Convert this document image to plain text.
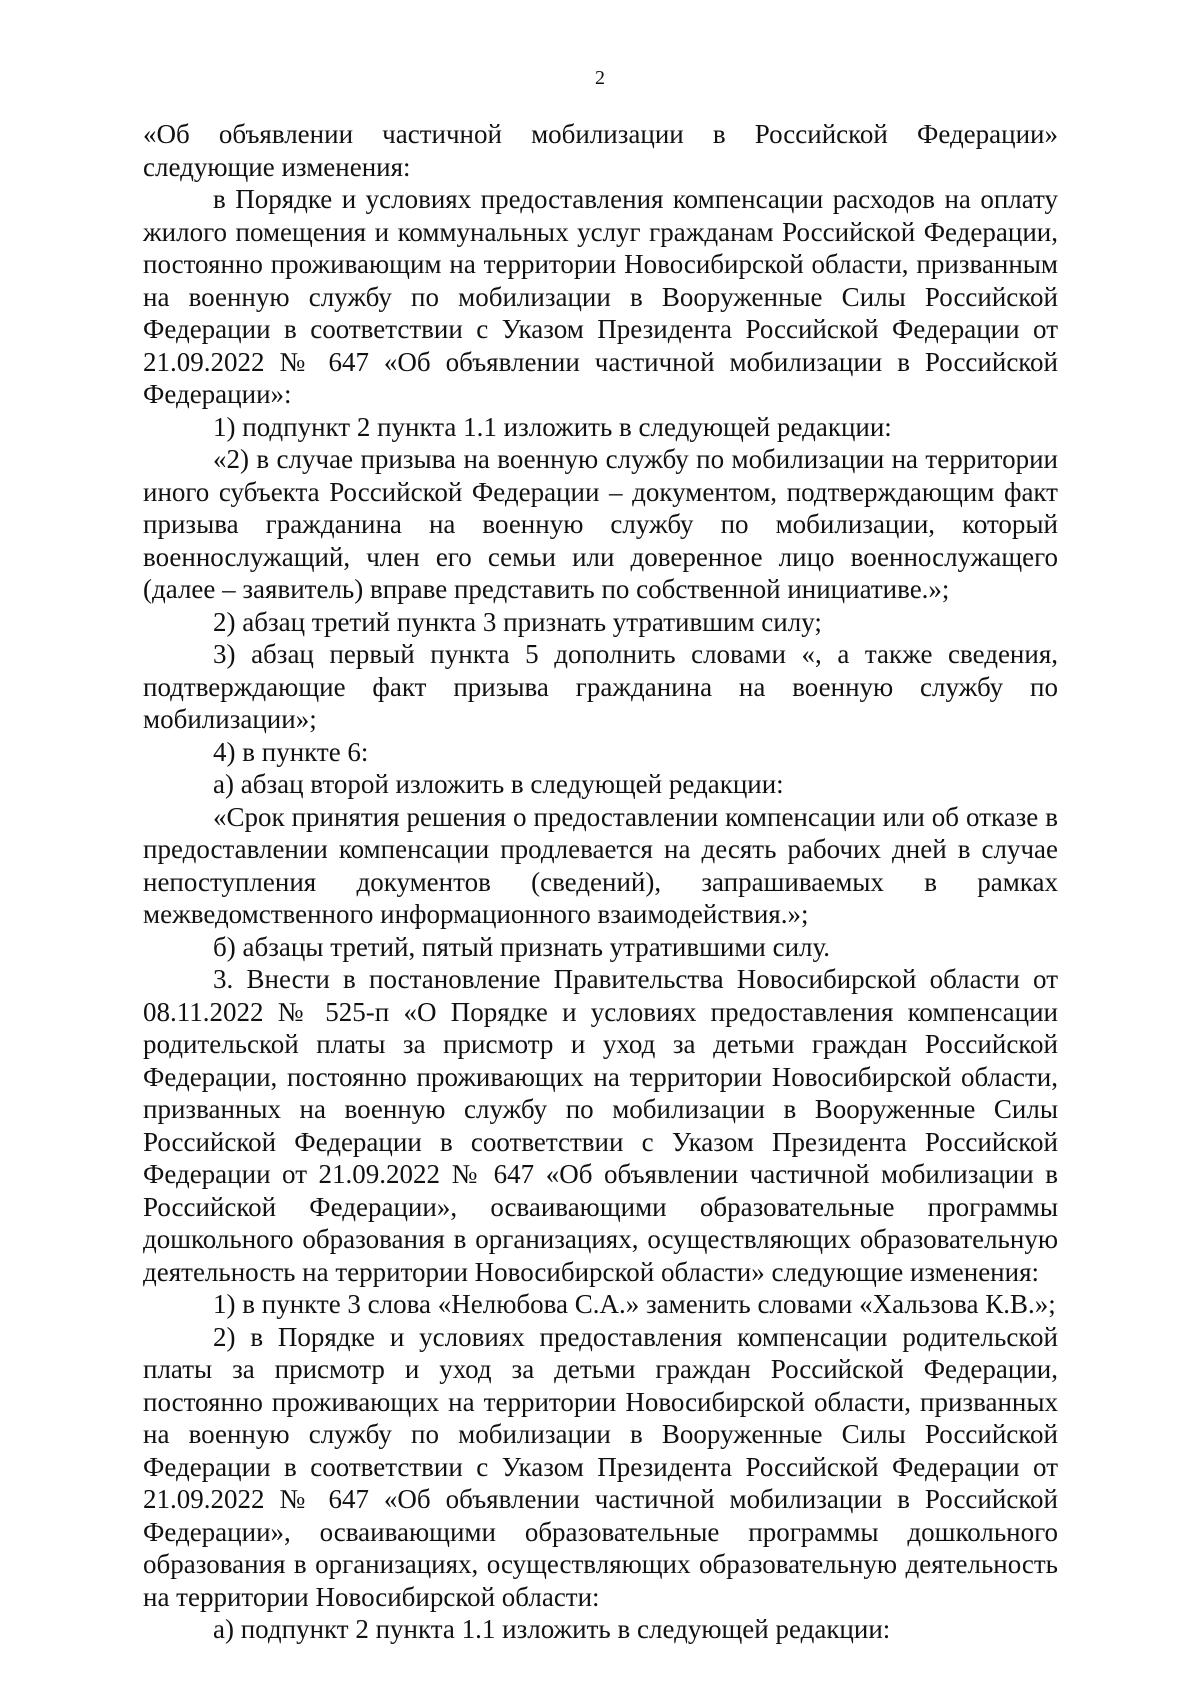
2

«Об объявлении частичной мобилизации в Российской Федерации» следующие изменения:

в Порядке и условиях предоставления компенсации расходов на оплату жилого помещения и коммунальных услуг гражданам Российской Федерации, постоянно проживающим на территории Новосибирской области, призванным на военную службу по мобилизации в Вооруженные Силы Российской Федерации в соответствии с Указом Президента Российской Федерации от 21.09.2022 № 647 «Об объявлении частичной мобилизации в Российской Федерации»:

1) подпункт 2 пункта 1.1 изложить в следующей редакции:

«2) в случае призыва на военную службу по мобилизации на территории иного субъекта Российской Федерации – документом, подтверждающим факт призыва гражданина на военную службу по мобилизации, который военнослужащий, член его семьи или доверенное лицо военнослужащего (далее – заявитель) вправе представить по собственной инициативе.»;

2) абзац третий пункта 3 признать утратившим силу;

3) абзац первый пункта 5 дополнить словами «, а также сведения, подтверждающие факт призыва гражданина на военную службу по мобилизации»;

4) в пункте 6:

а) абзац второй изложить в следующей редакции:

«Срок принятия решения о предоставлении компенсации или об отказе в предоставлении компенсации продлевается на десять рабочих дней в случае непоступления документов (сведений), запрашиваемых в рамках межведомственного информационного взаимодействия.»;

б) абзацы третий, пятый признать утратившими силу.

3. Внести в постановление Правительства Новосибирской области от 08.11.2022 № 525-п «О Порядке и условиях предоставления компенсации родительской платы за присмотр и уход за детьми граждан Российской Федерации, постоянно проживающих на территории Новосибирской области, призванных на военную службу по мобилизации в Вооруженные Силы Российской Федерации в соответствии с Указом Президента Российской Федерации от 21.09.2022 № 647 «Об объявлении частичной мобилизации в Российской Федерации», осваивающими образовательные программы дошкольного образования в организациях, осуществляющих образовательную деятельность на территории Новосибирской области» следующие изменения:

1) в пункте 3 слова «Нелюбова С.А.» заменить словами «Хальзова К.В.»;

2) в Порядке и условиях предоставления компенсации родительской платы за присмотр и уход за детьми граждан Российской Федерации, постоянно проживающих на территории Новосибирской области, призванных на военную службу по мобилизации в Вооруженные Силы Российской Федерации в соответствии с Указом Президента Российской Федерации от 21.09.2022 № 647 «Об объявлении частичной мобилизации в Российской Федерации», осваивающими образовательные программы дошкольного образования в организациях, осуществляющих образовательную деятельность на территории Новосибирской области:

а) подпункт 2 пункта 1.1 изложить в следующей редакции:
